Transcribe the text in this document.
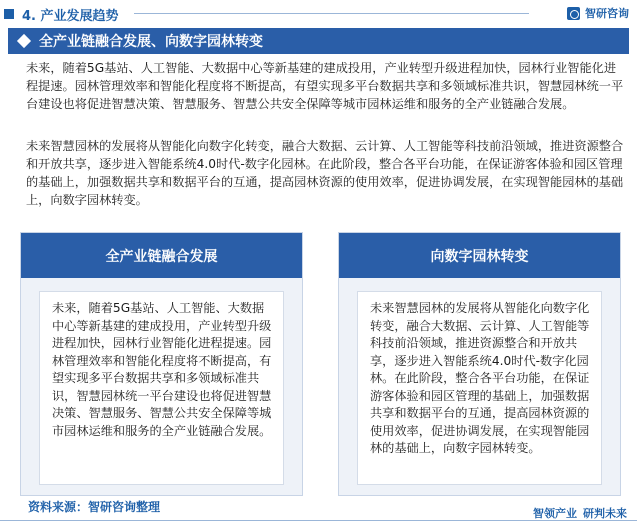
4. 产业发展趋势	智研咨询
全产业链融合发展、向数字园林转变
未来，随着5G基站、人工智能、大数据中心等新基建的建成投用，产业转型升级进程加快，园林行业智能化进程提速。园林管理效率和智能化程度将不断提高，有望实现多平台数据共享和多领域标准共识，智慧园林统一平台建设也将促进智慧决策、智慧服务、智慧公共安全保障等城市园林运维和服务的全产业链融合发展。
未来智慧园林的发展将从智能化向数字化转变，融合大数据、云计算、人工智能等科技前沿领域，推进资源整合和开放共享，逐步进入智能系统4.0时代-数字化园林。在此阶段，整合各平台功能，在保证游客体验和园区管理的基础上，加强数据共享和数据平台的互通，提高园林资源的使用效率，促进协调发展，在实现智能园林的基础上，向数字园林转变。
全产业链融合发展
未来，随着5G基站、人工智能、大数据中心等新基建的建成投用，产业转型升级进程加快，园林行业智能化进程提速。园林管理效率和智能化程度将不断提高，有望实现多平台数据共享和多领域标准共识，智慧园林统一平台建设也将促进智慧决策、智慧服务、智慧公共安全保障等城市园林运维和服务的全产业链融合发展。
向数字园林转变
未来智慧园林的发展将从智能化向数字化转变，融合大数据、云计算、人工智能等科技前沿领域，推进资源整合和开放共享，逐步进入智能系统4.0时代-数字化园林。在此阶段，整合各平台功能，在保证游客体验和园区管理的基础上，加强数据共享和数据平台的互通，提高园林资源的使用效率，促进协调发展，在实现智能园林的基础上，向数字园林转变。
资料来源：智研咨询整理	智领产业 研判未来
